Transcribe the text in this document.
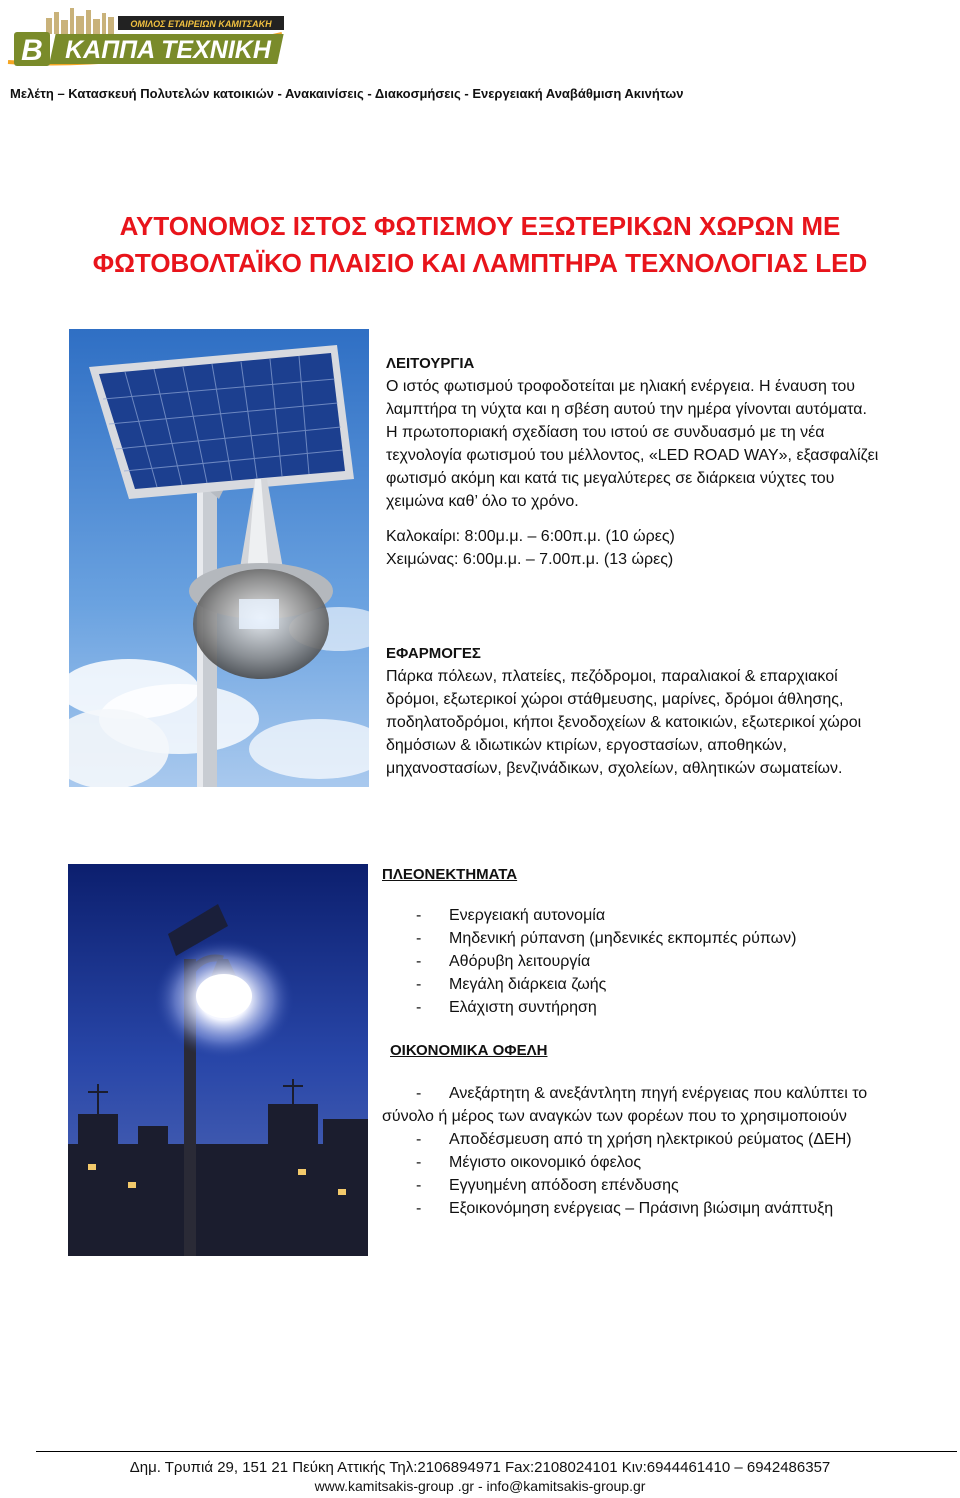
ΟΜΙΛΟΣ ΕΤΑΙΡΕΙΩΝ ΚΑΜΙΤΣΑΚΗ
B ΚΑΠΠΑ ΤΕΧΝΙΚΗ
Μελέτη – Κατασκευή Πολυτελών κατοικιών - Ανακαινίσεις - Διακοσμήσεις - Ενεργειακή Αναβάθμιση Ακινήτων
ΑΥΤΟΝΟΜΟΣ ΙΣΤΟΣ ΦΩΤΙΣΜΟΥ ΕΞΩΤΕΡΙΚΩΝ ΧΩΡΩΝ ΜΕ
ΦΩΤΟΒΟΛΤΑΪΚΟ ΠΛΑΙΣΙΟ ΚΑΙ ΛΑΜΠΤΗΡΑ ΤΕΧΝΟΛΟΓΙΑΣ LED
ΛΕΙΤΟΥΡΓΙΑ
Ο ιστός φωτισμού τροφοδοτείται με ηλιακή ενέργεια. Η έναυση του
λαμπτήρα τη νύχτα και η σβέση αυτού την ημέρα γίνονται αυτόματα.
Η πρωτοποριακή σχεδίαση του ιστού σε συνδυασμό με τη νέα
τεχνολογία φωτισμού του μέλλοντος, «LED ROAD WAY», εξασφαλίζει
φωτισμό ακόμη και κατά τις μεγαλύτερες σε διάρκεια νύχτες του
χειμώνα καθ’ όλο το χρόνο.
Καλοκαίρι: 8:00μ.μ. – 6:00π.μ. (10 ώρες)
Χειμώνας: 6:00μ.μ. – 7.00π.μ. (13 ώρες)
ΕΦΑΡΜΟΓΕΣ
Πάρκα πόλεων, πλατείες, πεζόδρομοι, παραλιακοί & επαρχιακοί
δρόμοι, εξωτερικοί χώροι στάθμευσης, μαρίνες, δρόμοι άθλησης,
ποδηλατοδρόμοι, κήποι ξενοδοχείων & κατοικιών, εξωτερικοί χώροι
δημόσιων & ιδιωτικών κτιρίων, εργοστασίων, αποθηκών,
μηχανοστασίων, βενζινάδικων, σχολείων, αθλητικών σωματείων.
ΠΛΕΟΝΕΚΤΗΜΑΤΑ
- Ενεργειακή αυτονομία
- Μηδενική ρύπανση (μηδενικές εκπομπές ρύπων)
- Αθόρυβη λειτουργία
- Μεγάλη διάρκεια ζωής
- Ελάχιστη συντήρηση
ΟΙΚΟΝΟΜΙΚΑ ΟΦΕΛΗ
- Ανεξάρτητη & ανεξάντλητη πηγή ενέργειας που καλύπτει το
σύνολο ή μέρος των αναγκών των φορέων που το χρησιμοποιούν
- Αποδέσμευση από τη χρήση ηλεκτρικού ρεύματος (ΔΕΗ)
- Μέγιστο οικονομικό όφελος
- Εγγυημένη απόδοση επένδυσης
- Εξοικονόμηση ενέργειας – Πράσινη βιώσιμη ανάπτυξη
Δημ. Τρυπιά 29, 151 21 Πεύκη Αττικής Τηλ:2106894971 Fax:2108024101 Κιν:6944461410 – 6942486357
www.kamitsakis-group .gr - info@kamitsakis-group.gr
